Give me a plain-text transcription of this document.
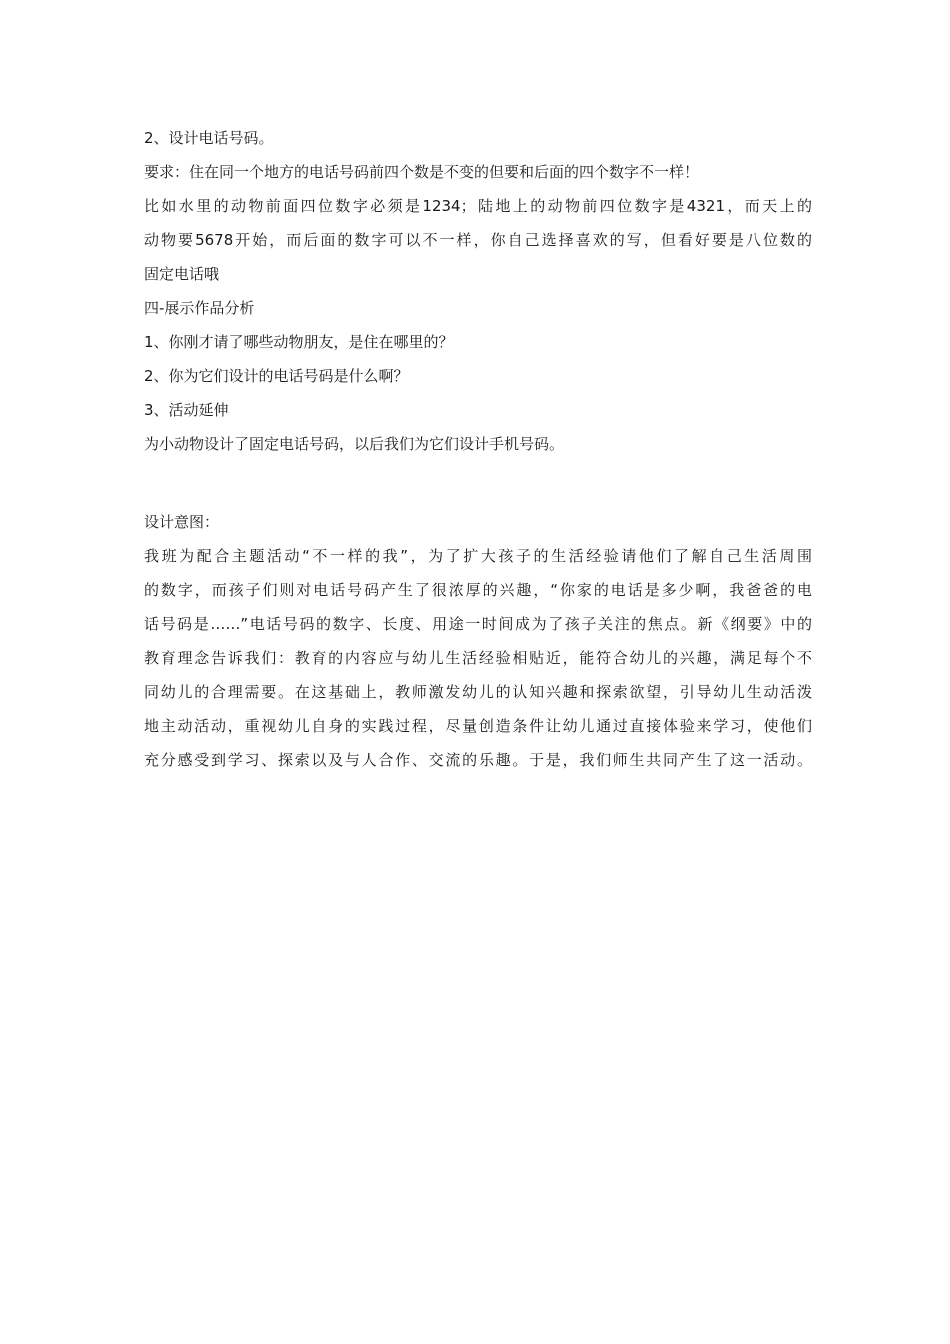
2、设计电话号码。
要求：住在同一个地方的电话号码前四个数是不变的但要和后面的四个数字不一样！
比如水里的动物前面四位数字必须是1234；陆地上的动物前四位数字是4321，而天上的
动物要5678开始，而后面的数字可以不一样，你自己选择喜欢的写，但看好要是八位数的
固定电话哦
四-展示作品分析
1、你刚才请了哪些动物朋友，是住在哪里的？
2、你为它们设计的电话号码是什么啊？
3、活动延伸
为小动物设计了固定电话号码，以后我们为它们设计手机号码。
设计意图：
我班为配合主题活动“不一样的我”，为了扩大孩子的生活经验请他们了解自己生活周围
的数字，而孩子们则对电话号码产生了很浓厚的兴趣，“你家的电话是多少啊，我爸爸的电
话号码是……”电话号码的数字、长度、用途一时间成为了孩子关注的焦点。新《纲要》中的
教育理念告诉我们：教育的内容应与幼儿生活经验相贴近，能符合幼儿的兴趣，满足每个不
同幼儿的合理需要。在这基础上，教师激发幼儿的认知兴趣和探索欲望，引导幼儿生动活泼
地主动活动，重视幼儿自身的实践过程，尽量创造条件让幼儿通过直接体验来学习，使他们
充分感受到学习、探索以及与人合作、交流的乐趣。于是，我们师生共同产生了这一活动。
